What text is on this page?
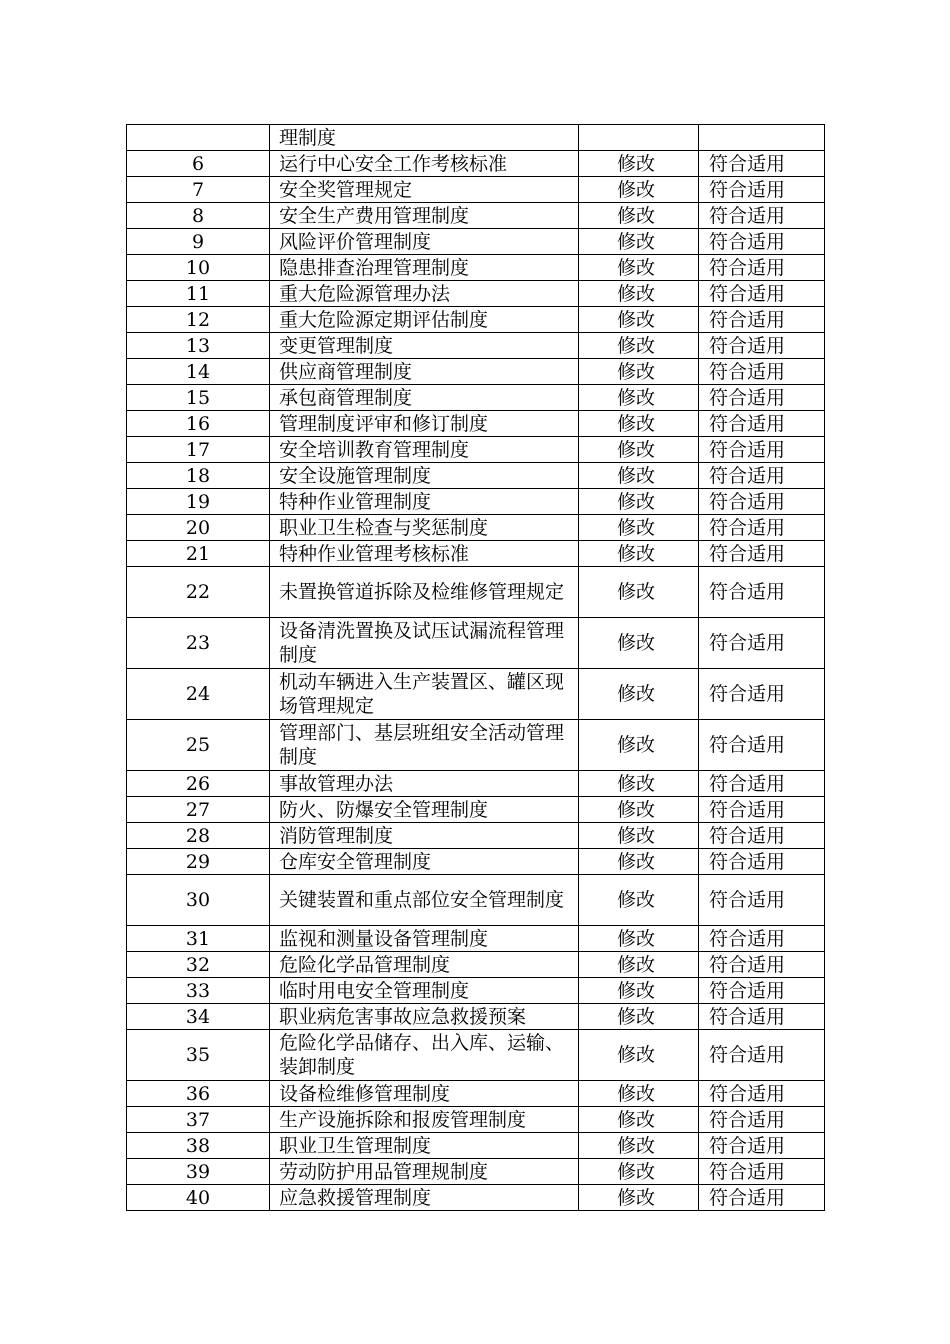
	理制度		

6	运行中心安全工作考核标准	修改	符合适用
7	安全奖管理规定	修改	符合适用
8	安全生产费用管理制度	修改	符合适用
9	风险评价管理制度	修改	符合适用
10	隐患排查治理管理制度	修改	符合适用
11	重大危险源管理办法	修改	符合适用
12	重大危险源定期评估制度	修改	符合适用
13	变更管理制度	修改	符合适用
14	供应商管理制度	修改	符合适用
15	承包商管理制度	修改	符合适用
16	管理制度评审和修订制度	修改	符合适用
17	安全培训教育管理制度	修改	符合适用
18	安全设施管理制度	修改	符合适用
19	特种作业管理制度	修改	符合适用
20	职业卫生检查与奖惩制度	修改	符合适用
21	特种作业管理考核标准	修改	符合适用
22	未置换管道拆除及检维修管理规定	修改	符合适用
23	设备清洗置换及试压试漏流程管理制度	修改	符合适用
24	机动车辆进入生产装置区、罐区现场管理规定	修改	符合适用
25	管理部门、基层班组安全活动管理制度	修改	符合适用
26	事故管理办法	修改	符合适用
27	防火、防爆安全管理制度	修改	符合适用
28	消防管理制度	修改	符合适用
29	仓库安全管理制度	修改	符合适用
30	关键装置和重点部位安全管理制度	修改	符合适用
31	监视和测量设备管理制度	修改	符合适用
32	危险化学品管理制度	修改	符合适用
33	临时用电安全管理制度	修改	符合适用
34	职业病危害事故应急救援预案	修改	符合适用
35	危险化学品储存、出入库、运输、装卸制度	修改	符合适用
36	设备检维修管理制度	修改	符合适用
37	生产设施拆除和报废管理制度	修改	符合适用
38	职业卫生管理制度	修改	符合适用
39	劳动防护用品管理规制度	修改	符合适用
40	应急救援管理制度	修改	符合适用
